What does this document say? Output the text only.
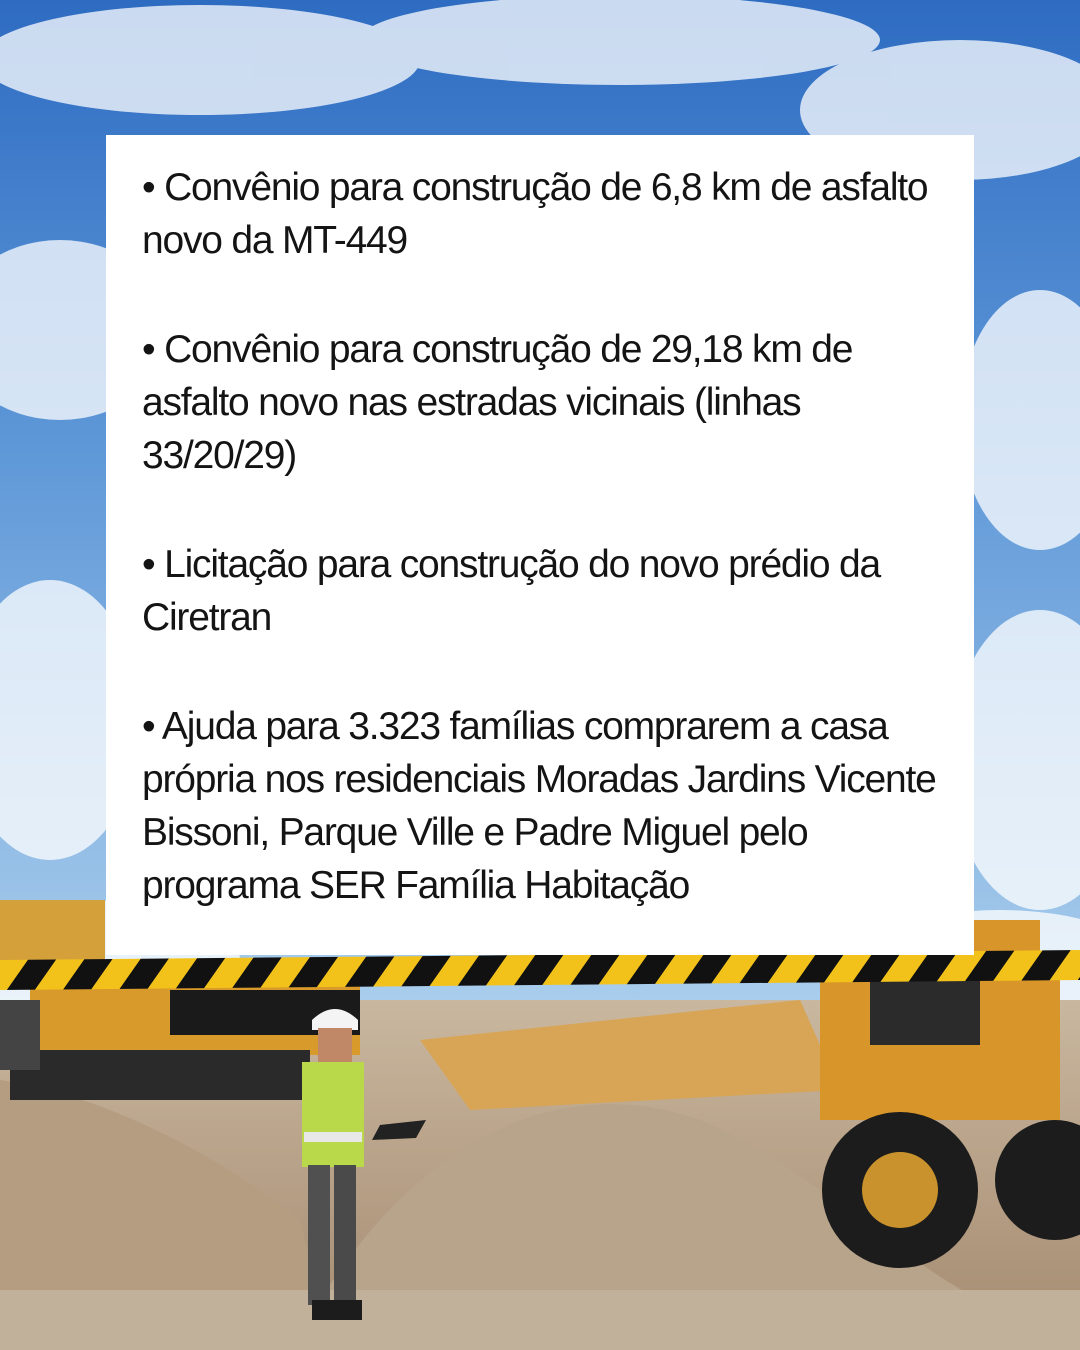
• Convênio para construção de 6,8 km de asfalto novo da MT-449

• Convênio para construção de 29,18 km de asfalto novo nas estradas vicinais (linhas 33/20/29)

• Licitação para construção do novo prédio da Ciretran

• Ajuda para 3.323 famílias comprarem a casa própria nos residenciais Moradas Jardins Vicente Bissoni, Parque Ville e Padre Miguel pelo programa SER Família Habitação
